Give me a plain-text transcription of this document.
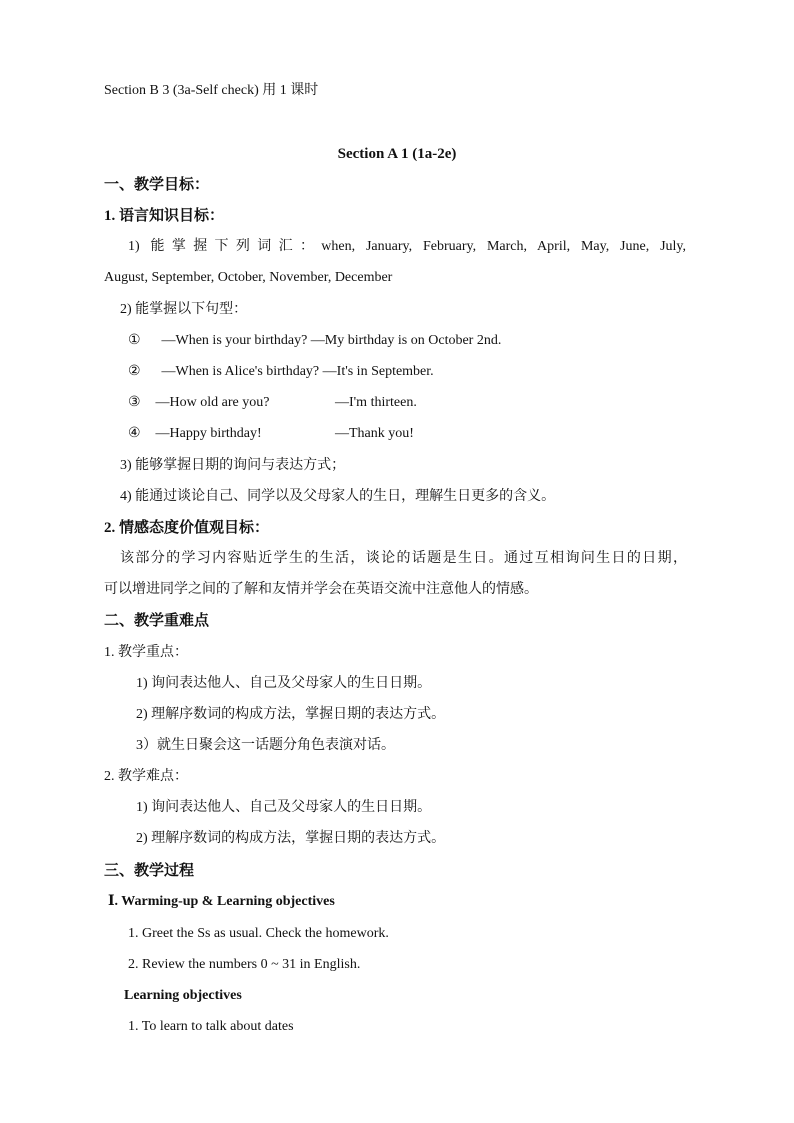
Section B 3 (3a-Self check) 用 1 课时
Section A 1 (1a-2e)
一、教学目标：
1. 语言知识目标：
1) 能掌握下列词汇：when, January, February, March, April, May, June, July,
August, September, October, November, December
2) 能掌握以下句型：
① —When is your birthday? —My birthday is on October 2nd.
② —When is Alice's birthday? —It's in September.
③ —How old are you?	—I'm thirteen.
④ —Happy birthday!	—Thank you!
3) 能够掌握日期的询问与表达方式；
4) 能通过谈论自己、同学以及父母家人的生日，理解生日更多的含义。
2. 情感态度价值观目标：
该部分的学习内容贴近学生的生活，谈论的话题是生日。通过互相询问生日的日期，
可以增进同学之间的了解和友情并学会在英语交流中注意他人的情感。
二、教学重难点
1. 教学重点：
1) 询问表达他人、自己及父母家人的生日日期。
2) 理解序数词的构成方法，掌握日期的表达方式。
3）就生日聚会这一话题分角色表演对话。
2. 教学难点：
1) 询问表达他人、自己及父母家人的生日日期。
2) 理解序数词的构成方法，掌握日期的表达方式。
三、教学过程
Ⅰ. Warming-up & Learning objectives
1. Greet the Ss as usual. Check the homework.
2. Review the numbers 0 ~ 31 in English.
Learning objectives
1. To learn to talk about dates
